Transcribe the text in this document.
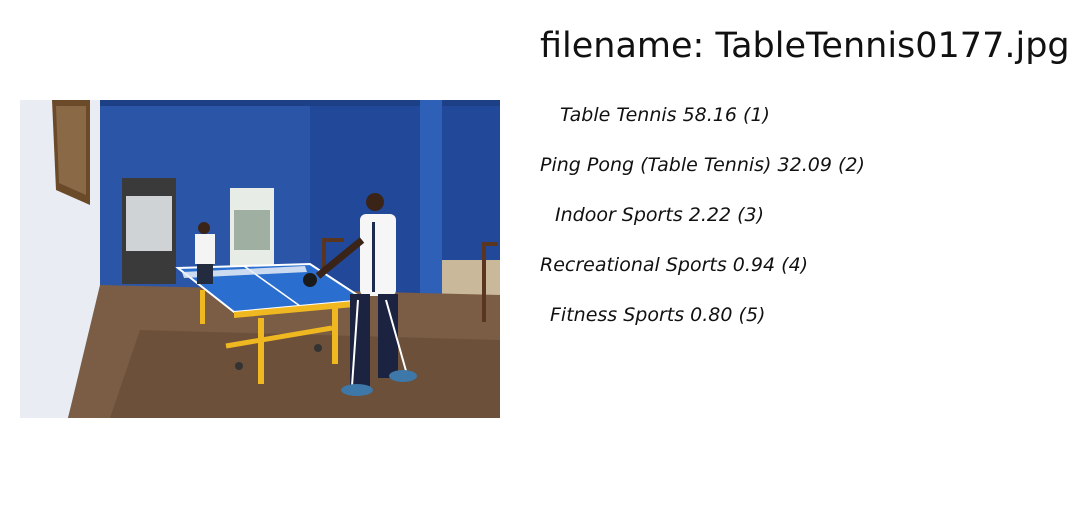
filename: TableTennis0177.jpg
Table Tennis 58.16 (1)
Ping Pong (Table Tennis) 32.09 (2)
Indoor Sports 2.22 (3)
Recreational Sports 0.94 (4)
Fitness Sports 0.80 (5)
